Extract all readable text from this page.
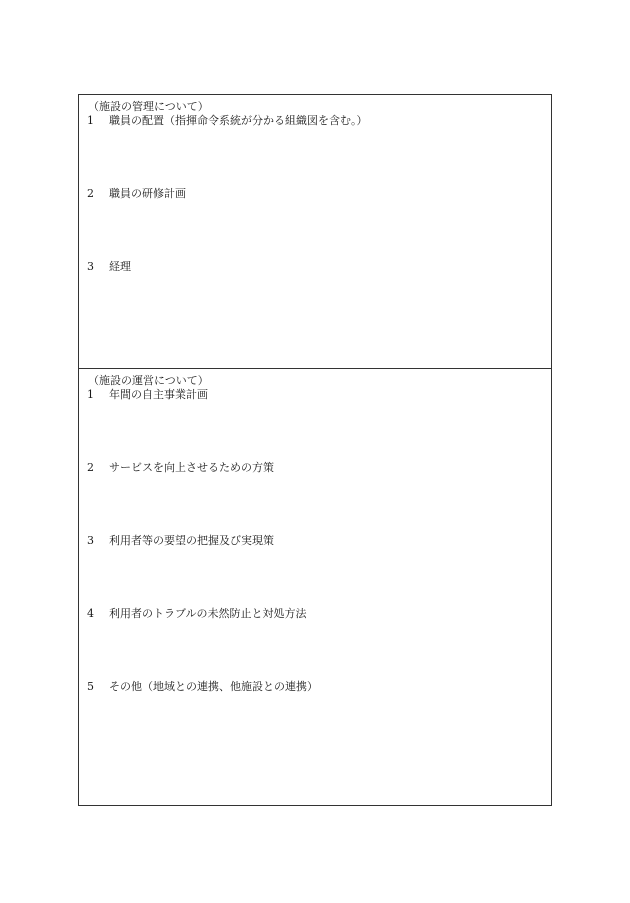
（施設の管理について）

1	職員の配置（指揮命令系統が分かる組織図を含む。）

2	職員の研修計画

3	経理

（施設の運営について）

1	年間の自主事業計画

2	サービスを向上させるための方策

3	利用者等の要望の把握及び実現策

4	利用者のトラブルの未然防止と対処方法

5	その他（地域との連携、他施設との連携）
